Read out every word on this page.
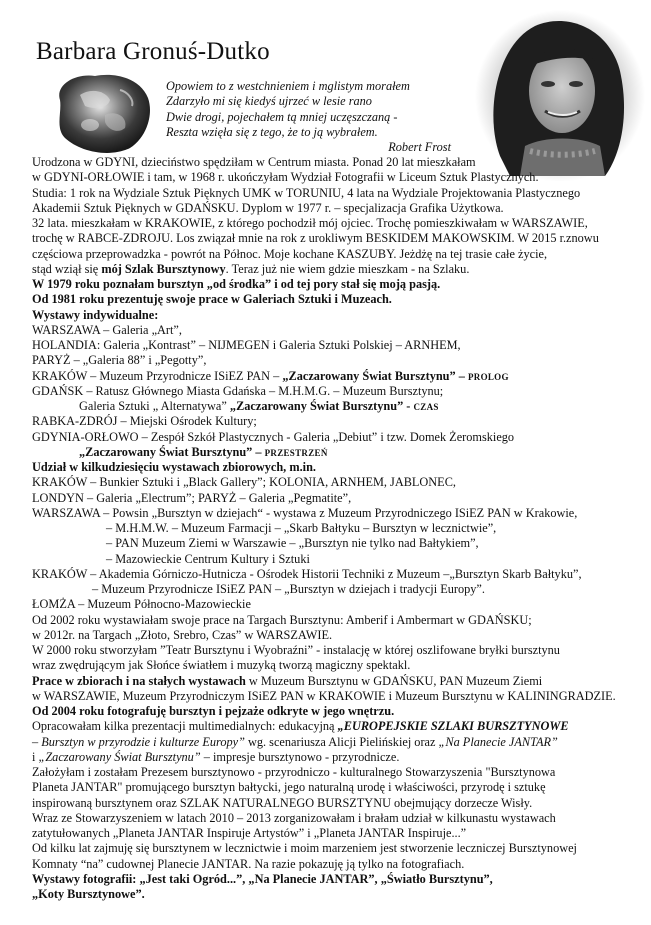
Barbara Gronuś-Dutko
Opowiem to z westchnieniem i mglistym morałem
Zdarzyło mi się kiedyś ujrzeć w lesie rano
Dwie drogi, pojechałem tą mniej uczęszczaną -
Reszta wzięła się z tego, że to ją wybrałem.
Robert Frost
Urodzona w GDYNI, dzieciństwo spędziłam w Centrum miasta. Ponad 20 lat mieszkałam
w GDYNI-ORŁOWIE i tam, w 1968 r. ukończyłam Wydział Fotografii w Liceum Sztuk Plastycznych.
Studia: 1 rok na Wydziale Sztuk Pięknych UMK w TORUNIU, 4 lata na Wydziale Projektowania Plastycznego
Akademii Sztuk Pięknych w GDAŃSKU. Dyplom w 1977 r. – specjalizacja Grafika Użytkowa.
32 lata. mieszkałam w KRAKOWIE, z którego pochodził mój ojciec. Trochę pomieszkiwałam w WARSZAWIE,
trochę w RABCE-ZDROJU. Los związał mnie na rok z urokliwym BESKIDEM MAKOWSKIM. W 2015 r.znowu
częściowa przeprowadzka - powrót na Północ. Moje kochane KASZUBY. Jeżdżę na tej trasie całe życie,
stąd wziął się mój Szlak Bursztynowy. Teraz już nie wiem gdzie mieszkam - na Szlaku.
W 1979 roku poznałam bursztyn „od środka” i od tej pory stał się moją pasją.
Od 1981 roku prezentuję swoje prace w Galeriach Sztuki i Muzeach.
Wystawy indywidualne:
WARSZAWA – Galeria „Art”,
HOLANDIA: Galeria „Kontrast” – NIJMEGEN i Galeria Sztuki Polskiej – ARNHEM,
PARYŻ – „Galeria 88” i „Pegotty”,
KRAKÓW – Muzeum Przyrodnicze ISiEZ PAN – „Zaczarowany Świat Bursztynu” – PROLOG
GDAŃSK – Ratusz Głównego Miasta Gdańska – M.H.M.G. – Muzeum Bursztynu;
Galeria Sztuki „ Alternatywa” „Zaczarowany Świat Bursztynu” - CZAS
RABKA-ZDRÓJ – Miejski Ośrodek Kultury;
GDYNIA-ORŁOWO – Zespół Szkół Plastycznych - Galeria „Debiut” i tzw. Domek Żeromskiego
„Zaczarowany Świat Bursztynu” – PRZESTRZEŃ
Udział w kilkudziesięciu wystawach zbiorowych, m.in.
KRAKÓW – Bunkier Sztuki i „Black Gallery”; KOLONIA, ARNHEM, JABLONEC,
LONDYN – Galeria „Electrum”; PARYŻ – Galeria „Pegmatite”,
WARSZAWA – Powsin „Bursztyn w dziejach“ - wystawa z Muzeum Przyrodniczego ISiEZ PAN w Krakowie,
– M.H.M.W. – Muzeum Farmacji – „Skarb Bałtyku – Bursztyn w lecznictwie”,
– PAN Muzeum Ziemi w Warszawie – „Bursztyn nie tylko nad Bałtykiem”,
– Mazowieckie Centrum Kultury i Sztuki
KRAKÓW – Akademia Górniczo-Hutnicza - Ośrodek Historii Techniki z Muzeum –„Bursztyn Skarb Bałtyku”,
– Muzeum Przyrodnicze ISiEZ PAN – „Bursztyn w dziejach i tradycji Europy”.
ŁOMŻA – Muzeum Północno-Mazowieckie
Od 2002 roku wystawiałam swoje prace na Targach Bursztynu: Amberif i Ambermart w GDAŃSKU;
w 2012r. na Targach „Złoto, Srebro, Czas” w WARSZAWIE.
W 2000 roku stworzyłam ”Teatr Bursztynu i Wyobraźni” - instalację w której oszlifowane bryłki bursztynu
wraz zwędrującym jak Słońce światłem i muzyką tworzą magiczny spektakl.
Prace w zbiorach i na stałych wystawach w Muzeum Bursztynu w GDAŃSKU, PAN Muzeum Ziemi
w WARSZAWIE, Muzeum Przyrodniczym ISiEZ PAN w KRAKOWIE i Muzeum Bursztynu w KALININGRADZIE.
Od 2004 roku fotografuję bursztyn i pejzaże odkryte w jego wnętrzu.
Opracowałam kilka prezentacji multimedialnych: edukacyjną „EUROPEJSKIE SZLAKI BURSZTYNOWE
– Bursztyn w przyrodzie i kulturze Europy” wg. scenariusza Alicji Pielińskiej oraz „Na Planecie JANTAR”
i „Zaczarowany Świat Bursztynu” – impresje bursztynowo - przyrodnicze.
Założyłam i zostałam Prezesem bursztynowo - przyrodniczo - kulturalnego Stowarzyszenia "Bursztynowa
Planeta JANTAR" promującego bursztyn bałtycki, jego naturalną urodę i właściwości, przyrodę i sztukę
inspirowaną bursztynem oraz SZLAK NATURALNEGO BURSZTYNU obejmujący dorzecze Wisły.
Wraz ze Stowarzyszeniem w latach 2010 – 2013 zorganizowałam i brałam udział w kilkunastu wystawach
zatytułowanych „Planeta JANTAR Inspiruje Artystów” i „Planeta JANTAR Inspiruje...”
Od kilku lat zajmuję się bursztynem w lecznictwie i moim marzeniem jest stworzenie leczniczej Bursztynowej
Komnaty “na” cudownej Planecie JANTAR. Na razie pokazuję ją tylko na fotografiach.
Wystawy fotografii: „Jest taki Ogród...”, „Na Planecie JANTAR”, „Światło Bursztynu”,
„Koty Bursztynowe”.
